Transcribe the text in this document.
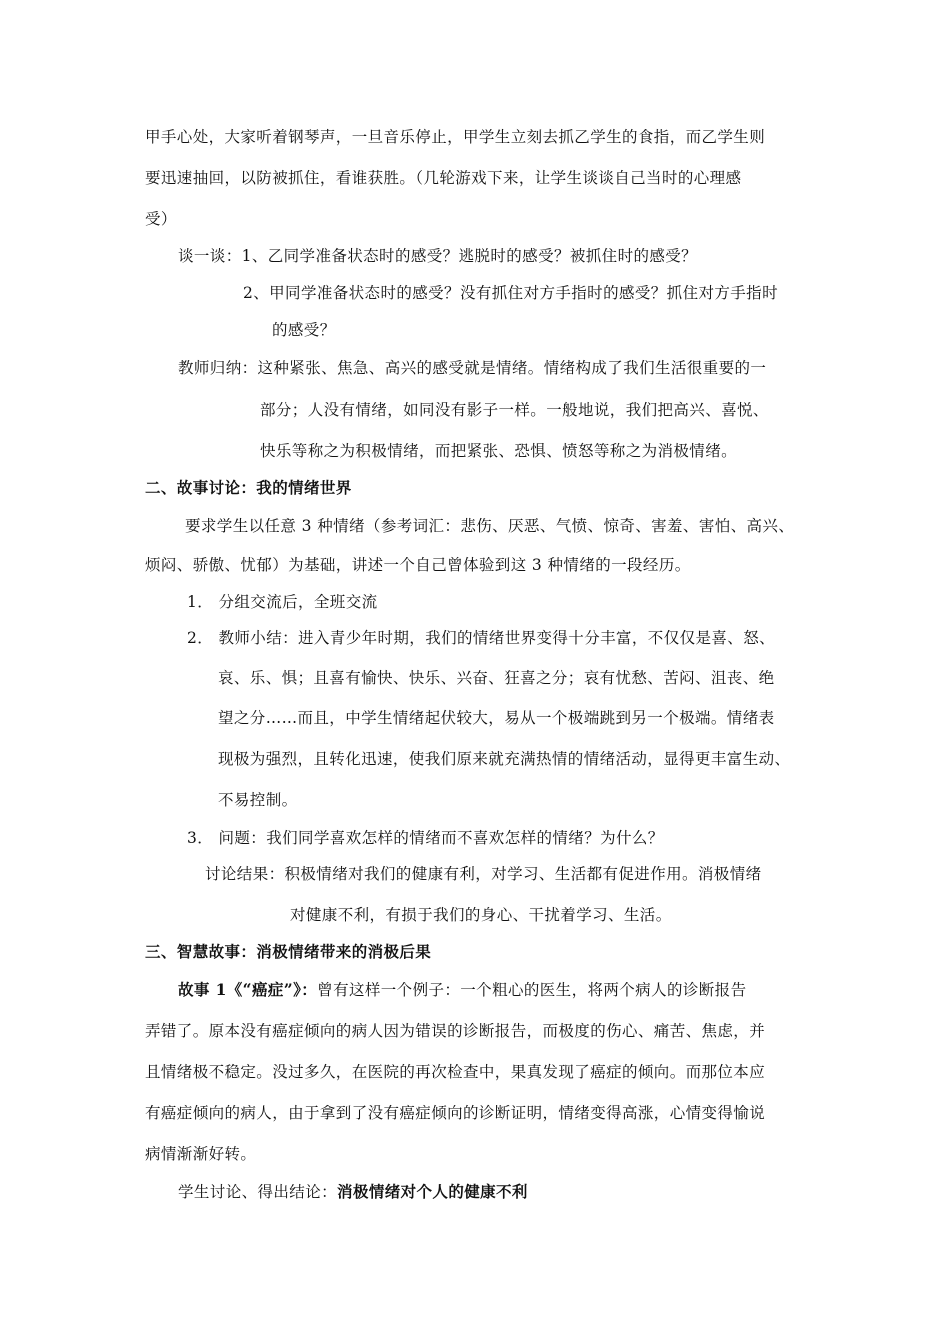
甲手心处，大家听着钢琴声，一旦音乐停止，甲学生立刻去抓乙学生的食指，而乙学生则
要迅速抽回，以防被抓住，看谁获胜。（几轮游戏下来，让学生谈谈自己当时的心理感
受）
谈一谈：1、乙同学准备状态时的感受？逃脱时的感受？被抓住时的感受？
2、甲同学准备状态时的感受？没有抓住对方手指时的感受？抓住对方手指时
的感受？
教师归纳：这种紧张、焦急、高兴的感受就是情绪。情绪构成了我们生活很重要的一
部分；人没有情绪，如同没有影子一样。一般地说，我们把高兴、喜悦、
快乐等称之为积极情绪，而把紧张、恐惧、愤怒等称之为消极情绪。
二、故事讨论：我的情绪世界
要求学生以任意 3 种情绪（参考词汇：悲伤、厌恶、气愤、惊奇、害羞、害怕、高兴、
烦闷、骄傲、忧郁）为基础，讲述一个自己曾体验到这 3 种情绪的一段经历。
1． 分组交流后，全班交流
2． 教师小结：进入青少年时期，我们的情绪世界变得十分丰富，不仅仅是喜、怒、
哀、乐、惧；且喜有愉快、快乐、兴奋、狂喜之分；哀有忧愁、苦闷、沮丧、绝
望之分……而且，中学生情绪起伏较大，易从一个极端跳到另一个极端。情绪表
现极为强烈，且转化迅速，使我们原来就充满热情的情绪活动，显得更丰富生动、
不易控制。
3． 问题：我们同学喜欢怎样的情绪而不喜欢怎样的情绪？为什么？
讨论结果：积极情绪对我们的健康有利，对学习、生活都有促进作用。消极情绪
对健康不利，有损于我们的身心、干扰着学习、生活。
三、智慧故事：消极情绪带来的消极后果
故事 1《“癌症”》：曾有这样一个例子：一个粗心的医生，将两个病人的诊断报告
弄错了。原本没有癌症倾向的病人因为错误的诊断报告，而极度的伤心、痛苦、焦虑，并
且情绪极不稳定。没过多久，在医院的再次检查中，果真发现了癌症的倾向。而那位本应
有癌症倾向的病人，由于拿到了没有癌症倾向的诊断证明，情绪变得高涨，心情变得愉说
病情渐渐好转。
学生讨论、得出结论：消极情绪对个人的健康不利
